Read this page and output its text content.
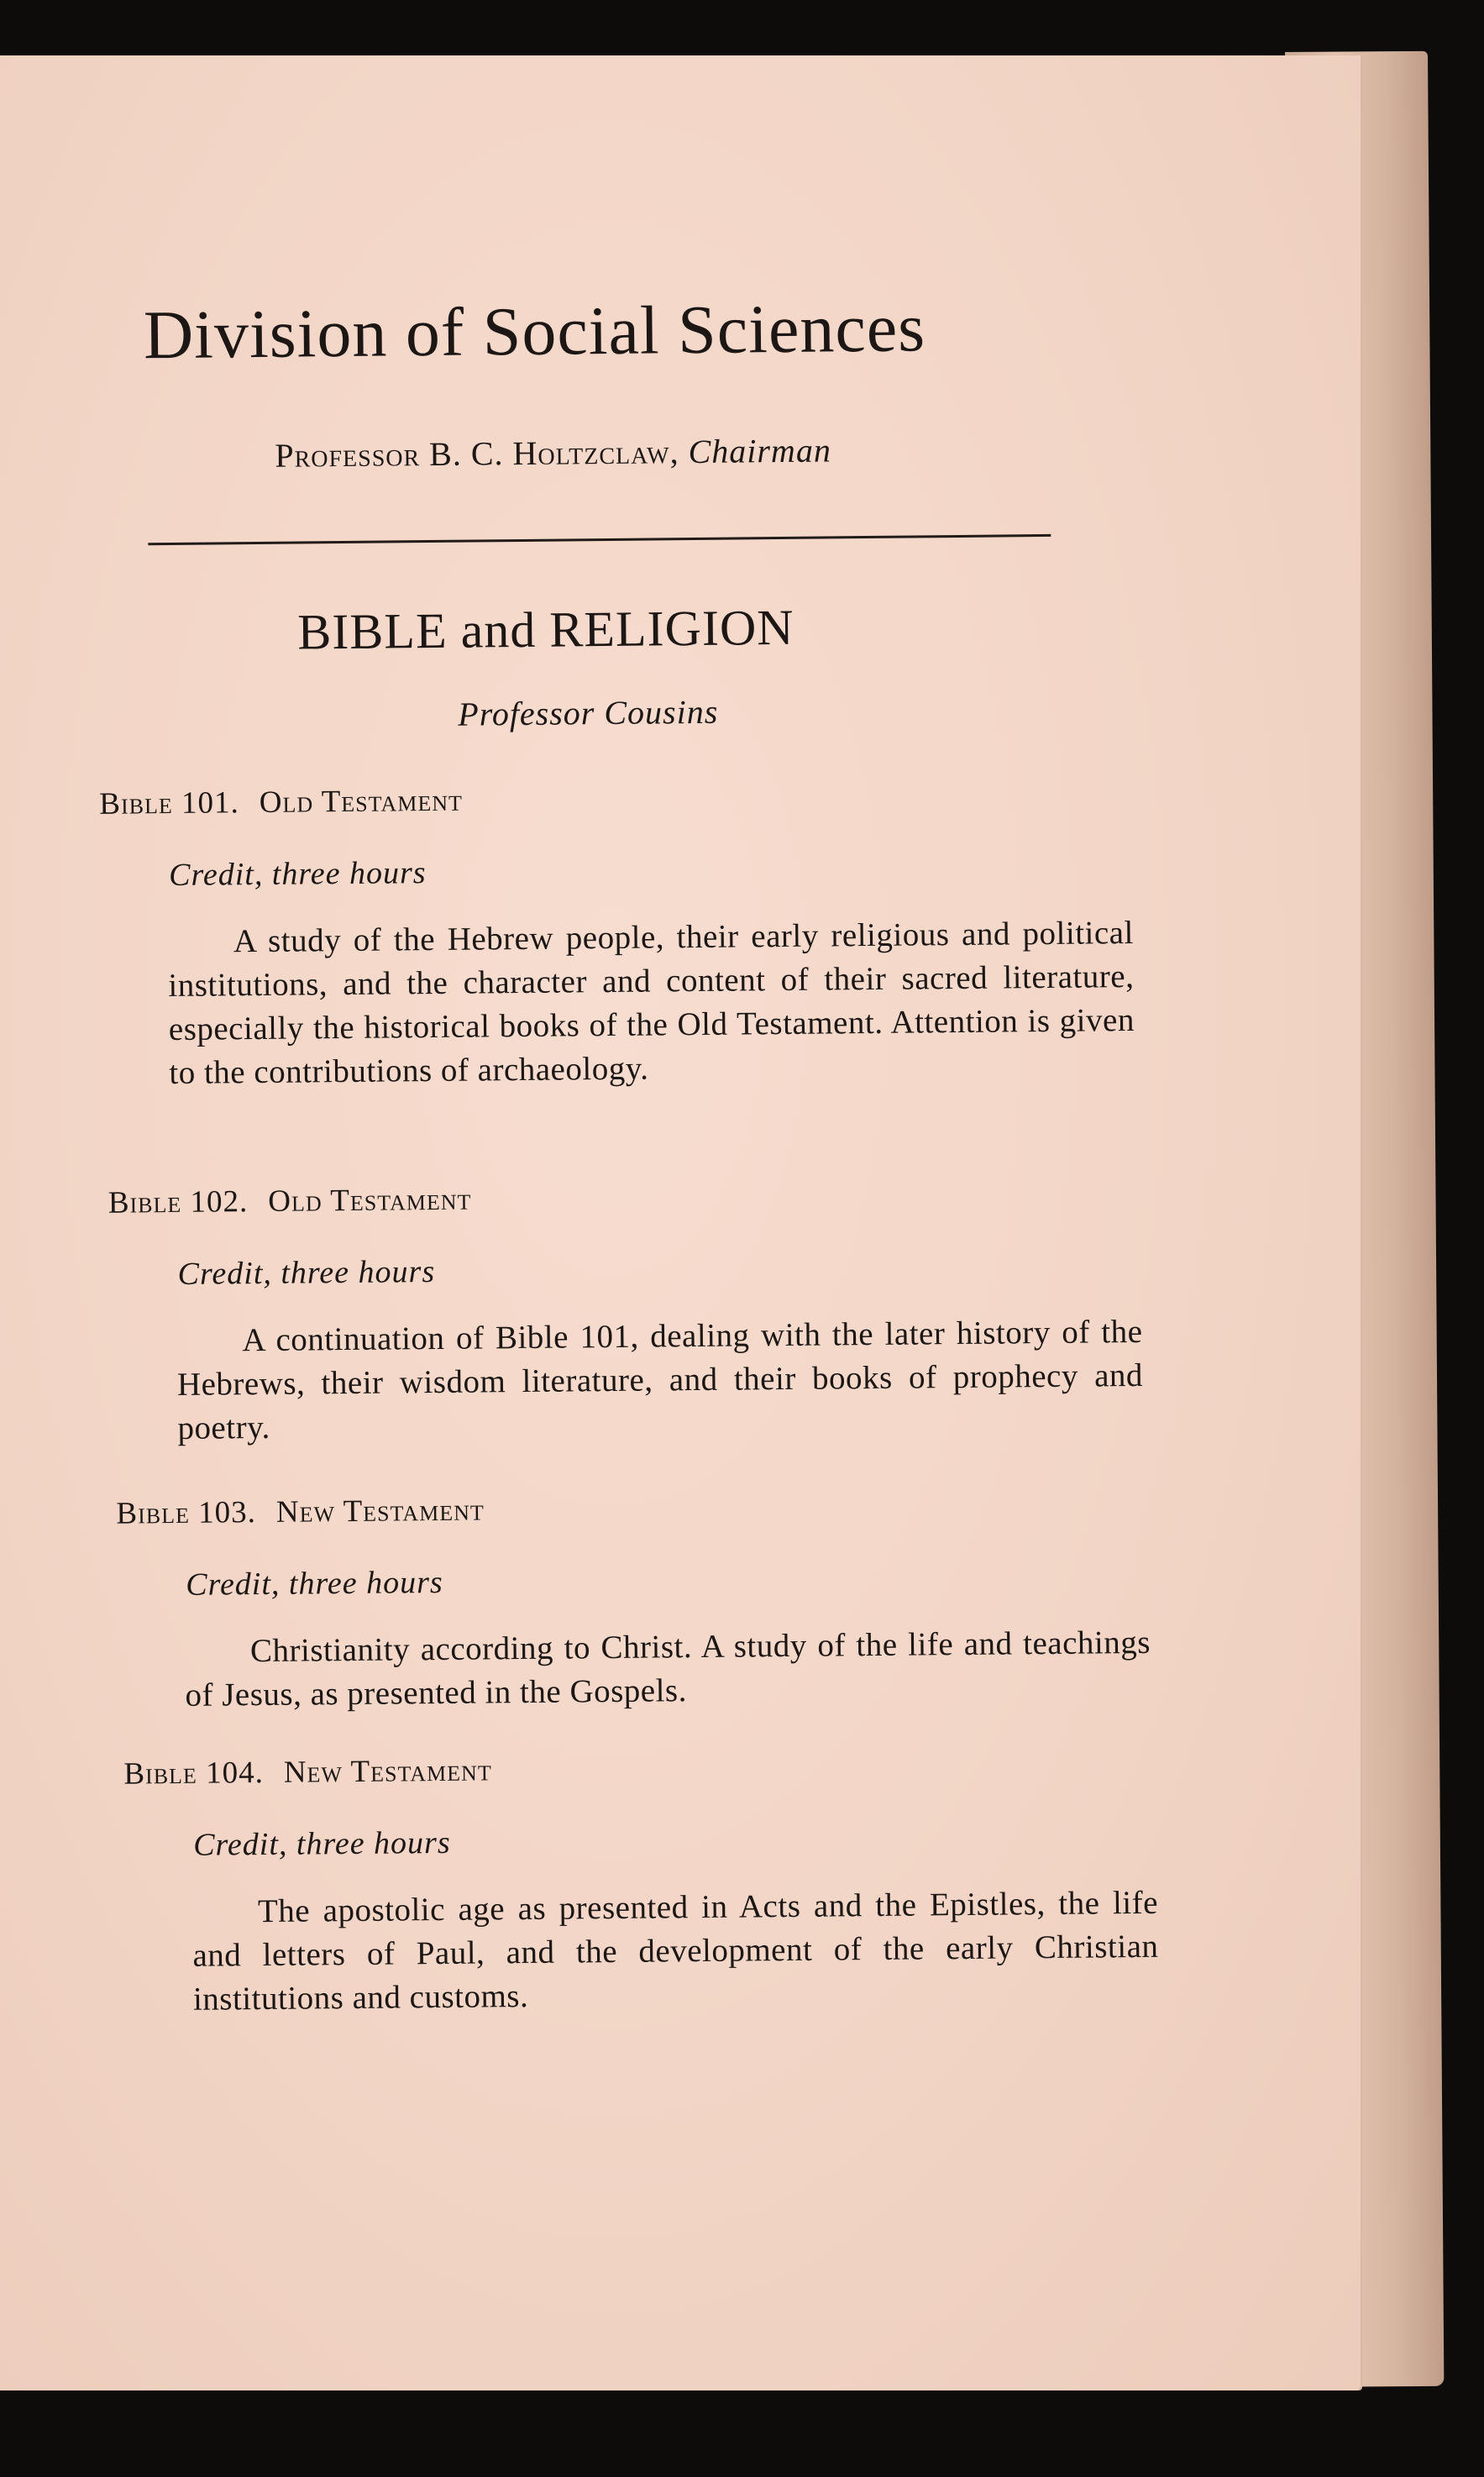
Division of Social Sciences
Professor B. C. Holtzclaw, Chairman
BIBLE and RELIGION
Professor Cousins
Bible 101. Old Testament
Credit, three hours
A study of the Hebrew people, their early religious and political institutions, and the character and content of their sacred literature, especially the historical books of the Old Testament. Attention is given to the contributions of archaeology.
Bible 102. Old Testament
Credit, three hours
A continuation of Bible 101, dealing with the later history of the Hebrews, their wisdom literature, and their books of prophecy and poetry.
Bible 103. New Testament
Credit, three hours
Christianity according to Christ. A study of the life and teachings of Jesus, as presented in the Gospels.
Bible 104. New Testament
Credit, three hours
The apostolic age as presented in Acts and the Epistles, the life and letters of Paul, and the development of the early Christian institutions and customs.
